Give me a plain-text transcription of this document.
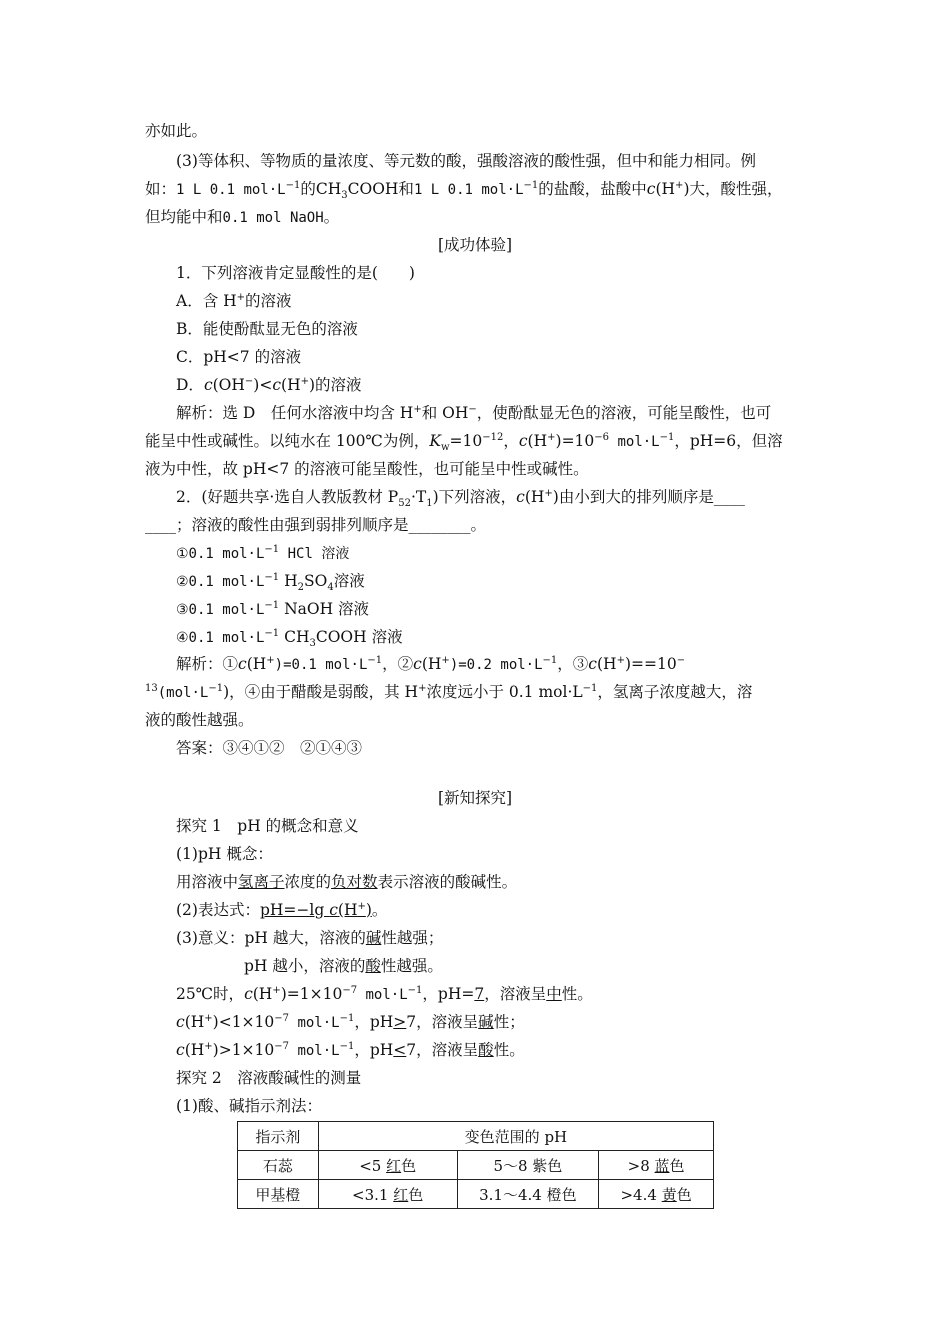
亦如此。
(3)等体积、等物质的量浓度、等元数的酸，强酸溶液的酸性强，但中和能力相同。例
如：1 L 0.1 $mol\cdot L^{-1}$的$CH_3COOH$和1 L 0.1 $mol\cdot L^{-1}$的盐酸，盐酸中c(H+)大，酸性强，
但均能中和0.1 mol NaOH。
[成功体验]
1．下列溶液肯定显酸性的是(　　)
A．含 H+的溶液
B．能使酚酞显无色的溶液
C．pH<7 的溶液
D．c(OH−)<c(H+)的溶液
解析：选 D　任何水溶液中均含 H+和 OH−，使酚酞显无色的溶液，可能呈酸性，也可
能呈中性或碱性。以纯水在 100℃为例，$K_w=10^{-12}$，$c(H^+)=10^{-6}$ $mol\cdot L^{-1}$，pH=6，但溶
液为中性，故 pH<7 的溶液可能呈酸性，也可能呈中性或碱性。
2．(好题共享·选自人教版教材 $P_{52}\cdot T_1$)下列溶液，c(H+)由小到大的排列顺序是____
____；溶液的酸性由强到弱排列顺序是________。
①0.1 $mol\cdot L^{-1}$ HCl 溶液
②0.1 $mol\cdot L^{-1}$ $H_2SO_4$溶液
③0.1 $mol\cdot L^{-1}$ NaOH 溶液
④0.1 $mol\cdot L^{-1}$ $CH_3COOH$ 溶液
解析：①c(H+)=0.1 $mol\cdot L^{-1}$，②c(H+)=0.2 $mol\cdot L^{-1}$，③c(H+)==10−
$^{13}(mol\cdot L^{-1})$，④由于醋酸是弱酸，其 H+浓度远小于 0.1 $mol\cdot L^{-1}$，氢离子浓度越大，溶
液的酸性越强。
答案：③④①②　②①④③
[新知探究]
探究 1　pH 的概念和意义
(1)pH 概念：
用溶液中氢离子浓度的负对数表示溶液的酸碱性。
(2)表达式：pH=−lg c(H+)。
(3)意义：pH 越大，溶液的碱性越强；
pH 越小，溶液的酸性越强。
25℃时，$c(H^+)=1\times 10^{-7}$ $mol\cdot L^{-1}$，pH=7，溶液呈中性。
$c(H^+)<1\times 10^{-7}$ $mol\cdot L^{-1}$，pH>7，溶液呈碱性；
$c(H^+)>1\times 10^{-7}$ $mol\cdot L^{-1}$，pH<7，溶液呈酸性。
探究 2　溶液酸碱性的测量
(1)酸、碱指示剂法：
指示剂	变色范围的 pH		
石蕊	<5 红色	5～8 紫色	>8 蓝色
甲基橙	<3.1 红色	3.1～4.4 橙色	>4.4 黄色
